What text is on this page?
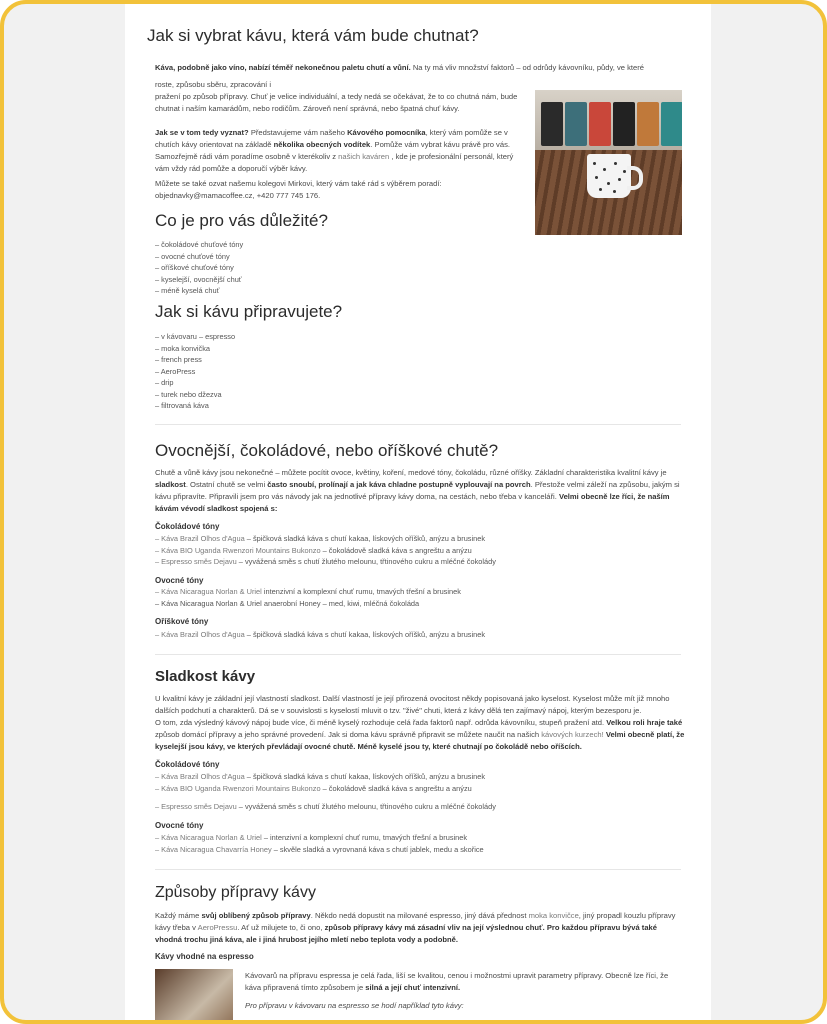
Jak si vybrat kávu, která vám bude chutnat?
Káva, podobně jako víno, nabízí téměř nekonečnou paletu chutí a vůní. Na ty má vliv množství faktorů – od odrůdy kávovníku, půdy, ve které
roste, způsobu sběru, zpracování i
pražení po způsob přípravy. Chuť je velice individuální, a tedy nedá se očekávat, že to co chutná nám, bude chutnat i naším kamarádům, nebo rodičům. Zároveň není správná, nebo špatná chuť kávy.
Jak se v tom tedy vyznat? Představujeme vám našeho Kávového pomocníka, který vám pomůže se v chutích kávy orientovat na základě několika obecných vodítek. Pomůže vám vybrat kávu právě pro vás. Samozřejmě rádi vám poradíme osobně v kterékoliv z našich kaváren , kde je profesionální personál, který vám vždy rád pomůže a doporučí výběr kávy.
Můžete se také ozvat našemu kolegovi Mirkovi, který vám také rád s výběrem poradí:
objednavky@mamacoffee.cz, +420 777 745 176.
Co je pro vás důležité?
– čokoládové chuťové tóny
– ovocné chuťové tóny
– oříškové chuťové tóny
– kyselejší, ovocnější chuť
– méně kyselá chuť
Jak si kávu připravujete?
– v kávovaru – espresso
– moka konvička
– french press
– AeroPress
– drip
– turek nebo džezva
– filtrovaná káva
Ovocnější, čokoládové, nebo oříškové chutě?
Chutě a vůně kávy jsou nekonečné – můžete pocítit ovoce, květiny, koření, medové tóny, čokoládu, různé oříšky. Základní charakteristika kvalitní kávy je sladkost. Ostatní chutě se velmi často snoubí, prolínají a jak káva chladne postupně vyplouvají na povrch. Přestože velmi záleží na způsobu, jakým si kávu připravíte. Připravili jsem pro vás návody jak na jednotlivé přípravy kávy doma, na cestách, nebo třeba v kanceláři. Velmi obecně lze říci, že naším kávám vévodí sladkost spojená s:
Čokoládové tóny
– Káva Brazil Olhos d'Agua – špičková sladká káva s chutí kakaa, lískových oříšků, anýzu a brusinek
– Káva BIO Uganda Rwenzori Mountains Bukonzo – čokoládově sladká káva s angreštu a anýzu
– Espresso směs Dejavu – vyvážená směs s chutí žlutého melounu, třtinového cukru a mléčné čokolády
Ovocné tóny
– Káva Nicaragua Norlan & Uriel intenzivní a komplexní chuť rumu, tmavých třešní a brusinek
– Káva Nicaragua Norlan & Uriel anaerobní Honey – med, kiwi, mléčná čokoláda
Oříškové tóny
– Káva Brazil Olhos d'Agua – špičková sladká káva s chutí kakaa, lískových oříšků, anýzu a brusinek
Sladkost kávy
U kvalitní kávy je základní její vlastností sladkost. Další vlastností je její přirozená ovocitost někdy popisovaná jako kyselost. Kyselost může mít již mnoho dalších podchutí a charakterů. Dá se v souvislosti s kyselostí mluvit o tzv. "živé" chuti, která z kávy dělá ten zajímavý nápoj, kterým bezesporu je.
O tom, zda výsledný kávový nápoj bude více, či méně kyselý rozhoduje celá řada faktorů např. odrůda kávovníku, stupeň pražení atd. Velkou roli hraje také způsob domácí přípravy a jeho správné provedení. Jak si doma kávu správně připravit se můžete naučit na našich kávových kurzech! Velmi obecně platí, že kyselejší jsou kávy, ve kterých převládají ovocné chutě. Méně kyselé jsou ty, které chutnají po čokoládě nebo oříšcích.
Čokoládové tóny
– Káva Brazil Olhos d'Agua – špičková sladká káva s chutí kakaa, lískových oříšků, anýzu a brusinek
– Káva BIO Uganda Rwenzori Mountains Bukonzo – čokoládově sladká káva s angreštu a anýzu
– Espresso směs Dejavu – vyvážená směs s chutí žlutého melounu, třtinového cukru a mléčné čokolády
Ovocné tóny
– Káva Nicaragua Norlan & Uriel – intenzivní a komplexní chuť rumu, tmavých třešní a brusinek
– Káva Nicaragua Chavarría Honey – skvěle sladká a vyrovnaná káva s chutí jablek, medu a skořice
Způsoby přípravy kávy
Každý máme svůj oblíbený způsob přípravy. Někdo nedá dopustit na milované espresso, jiný dává přednost moka konvičce, jiný propadl kouzlu přípravy kávy třeba v AeroPressu. Ať už milujete to, či ono, způsob přípravy kávy má zásadní vliv na její výslednou chuť. Pro každou přípravu bývá také vhodná trochu jiná káva, ale i jiná hrubost jejího mletí nebo teplota vody a podobně.
Kávy vhodné na espresso
Kávovarů na přípravu espressa je celá řada, liší se kvalitou, cenou i možnostmi upravit parametry přípravy. Obecně lze říci, že káva připravená tímto způsobem je silná a její chuť intenzivní.
Pro přípravu v kávovaru na espresso se hodí například tyto kávy:
